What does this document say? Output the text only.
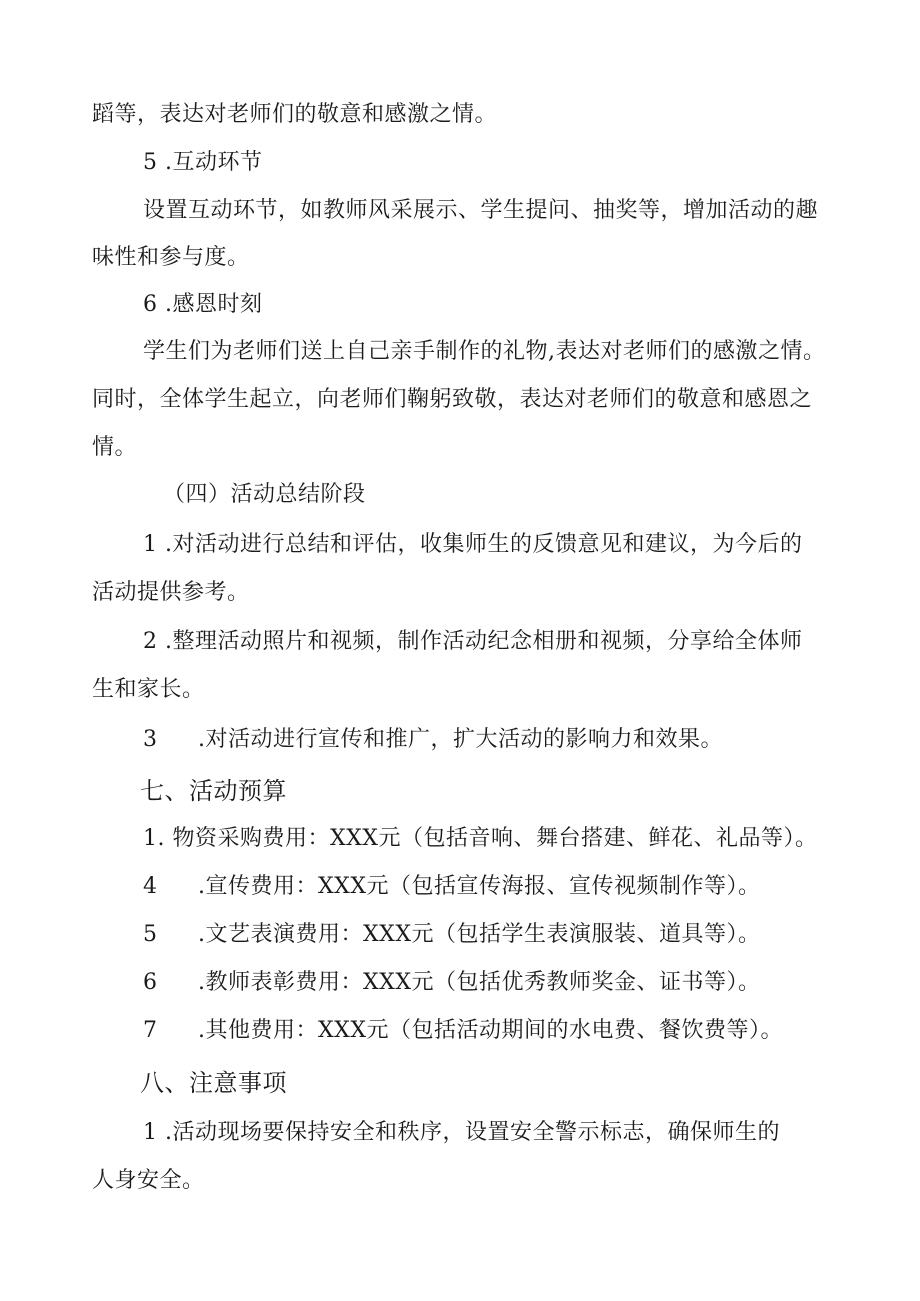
蹈等，表达对老师们的敬意和感激之情。
5 .互动环节
设置互动环节，如教师风采展示、学生提问、抽奖等，增加活动的趣
味性和参与度。
6 .感恩时刻
学生们为老师们送上自己亲手制作的礼物,表达对老师们的感激之情。
同时，全体学生起立，向老师们鞠躬致敬，表达对老师们的敬意和感恩之
情。
（四）活动总结阶段
1 .对活动进行总结和评估，收集师生的反馈意见和建议，为今后的
活动提供参考。
2 .整理活动照片和视频，制作活动纪念相册和视频，分享给全体师
生和家长。
3 .对活动进行宣传和推广，扩大活动的影响力和效果。
七、活动预算
1. 物资采购费用：XXX元（包括音响、舞台搭建、鲜花、礼品等）。
4 .宣传费用：XXX元（包括宣传海报、宣传视频制作等）。
5 .文艺表演费用：XXX元（包括学生表演服装、道具等）。
6 .教师表彰费用：XXX元（包括优秀教师奖金、证书等）。
7 .其他费用：XXX元（包括活动期间的水电费、餐饮费等）。
八、注意事项
1 .活动现场要保持安全和秩序，设置安全警示标志，确保师生的
人身安全。
